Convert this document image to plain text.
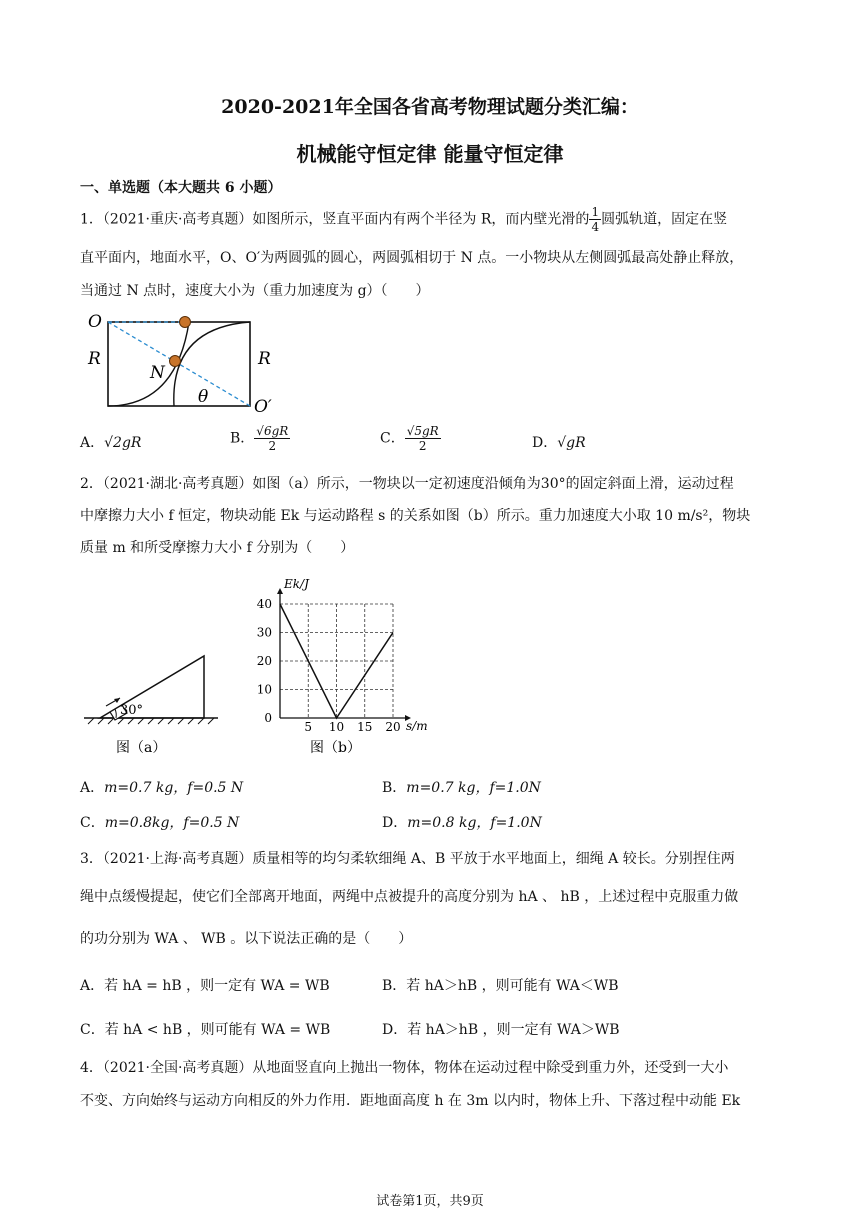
2020-2021年全国各省高考物理试题分类汇编：
机械能守恒定律 能量守恒定律
一、单选题（本大题共 6 小题）
1．（2021·重庆·高考真题）如图所示，竖直平面内有两个半径为 R，而内壁光滑的 $\frac{1}{4}$ 圆弧轨道，固定在竖
直平面内，地面水平，O、O′为两圆弧的圆心，两圆弧相切于 N 点。一小物块从左侧圆弧最高处静止释放，
当通过 N 点时，速度大小为（重力加速度为 g）（　　）
O
R	R
N
θ	O′
A．√2gR	B． $\frac{√6gR}{2}$	C． $\frac{√5gR}{2}$	D．√gR
2．（2021·湖北·高考真题）如图（a）所示，一物块以一定初速度沿倾角为30°的固定斜面上滑，运动过程
中摩擦力大小 f 恒定，物块动能 Ek 与运动路程 s 的关系如图（b）所示。重力加速度大小取 10 m/s²，物块
质量 m 和所受摩擦力大小 f 分别为（　　）
30°
图（a）
5 10 15 20
0
10
20
30
40
Ek/J
s/m
图（b）
A．m=0.7 kg，f=0.5 N	B．m=0.7 kg，f=1.0N
C．m=0.8kg，f=0.5 N	D．m=0.8 kg，f=1.0N
3．（2021·上海·高考真题）质量相等的均匀柔软细绳 A、B 平放于水平地面上，细绳 A 较长。分别捏住两
绳中点缓慢提起，使它们全部离开地面，两绳中点被提升的高度分别为 hA 、 hB ，上述过程中克服重力做
的功分别为 WA 、 WB 。以下说法正确的是（　　）
A．若 hA = hB ，则一定有 WA = WB	B．若 hA＞hB ，则可能有 WA＜WB
C．若 hA < hB ，则可能有 WA = WB	D．若 hA＞hB ，则一定有 WA＞WB
4．（2021·全国·高考真题）从地面竖直向上抛出一物体，物体在运动过程中除受到重力外，还受到一大小
不变、方向始终与运动方向相反的外力作用．距地面高度 h 在 3m 以内时，物体上升、下落过程中动能 Ek
试卷第1页，共9页
